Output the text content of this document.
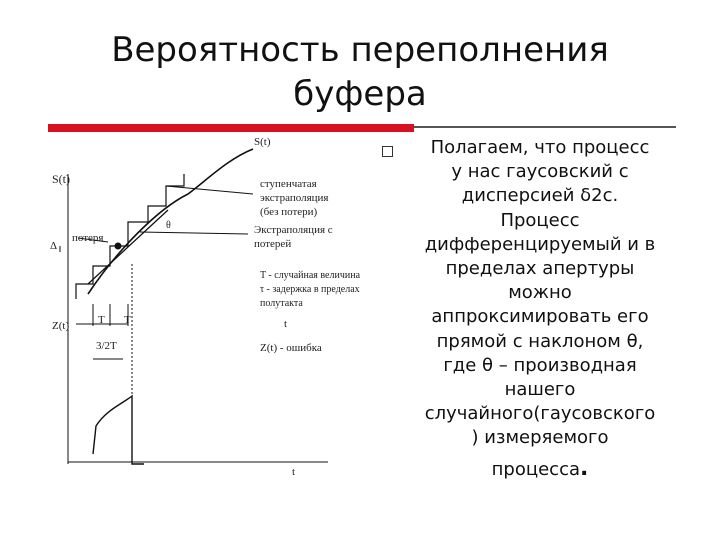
Вероятность переполнения
буфера
S(t)
S(t)	ступенчатая
экстраполяция
(без потери)
θ	Экстраполяция с
потерей
потеря
Δ
T - случайная величина
τ - задержка в пределах
полутакта
Z(t)	T T	t
3/2T	Z(t) - ошибка
t
Полагаем, что процесс
у нас гаусовский с
дисперсией δ2с.
Процесс
дифференцируемый и в
пределах апертуры
можно
аппроксимировать его
прямой с наклоном θ,
где θ – производная
нашего
случайного(гаусовского
) измеряемого
процесса.
